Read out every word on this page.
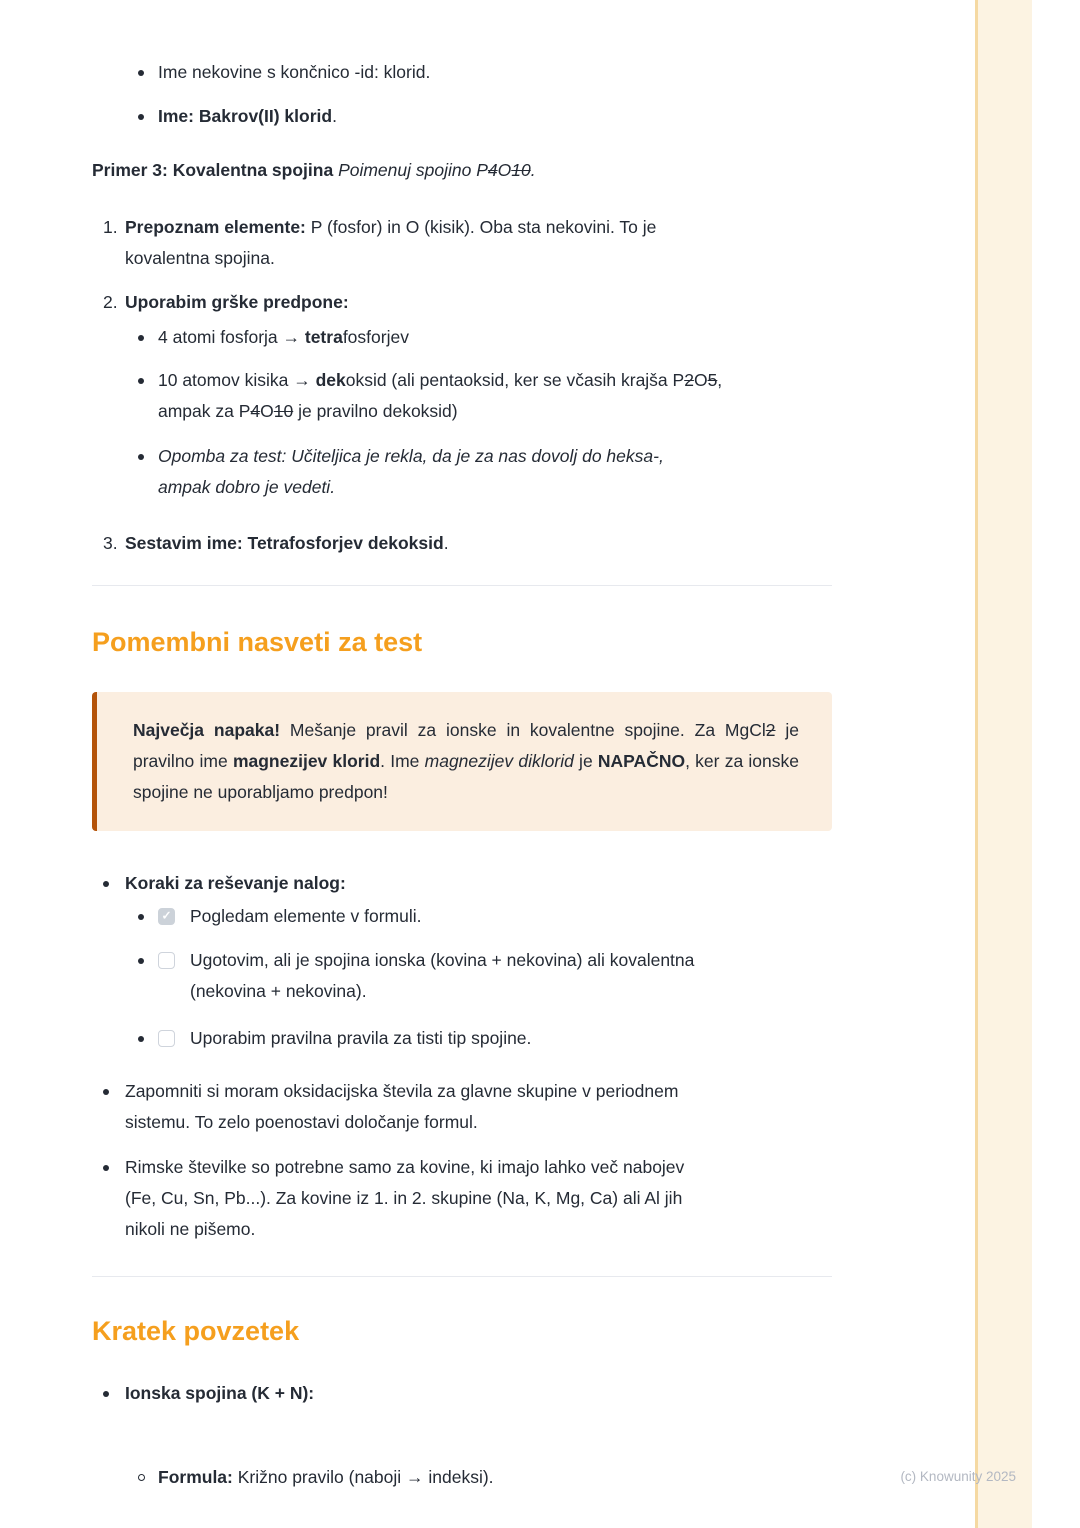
Ime nekovine s končnico -id: klorid.
Ime: Bakrov(II) klorid.

Primer 3: Kovalentna spojina Poimenuj spojino P4O10.

1. Prepoznam elemente: P (fosfor) in O (kisik). Oba sta nekovini. To je
kovalentna spojina.
2. Uporabim grške predpone:
4 atomi fosforja → tetrafosforjev
10 atomov kisika → dekoksid (ali pentaoksid, ker se včasih krajša P2O5,
ampak za P4O10 je pravilno dekoksid)
Opomba za test: Učiteljica je rekla, da je za nas dovolj do heksa-,
ampak dobro je vedeti.
3. Sestavim ime: Tetrafosforjev dekoksid.
Pomembni nasveti za test
Največja napaka! Mešanje pravil za ionske in kovalentne spojine. Za MgCl2 je pravilno ime magnezijev klorid. Ime magnezijev diklorid je NAPAČNO, ker za ionske spojine ne uporabljamo predpon!
Koraki za reševanje nalog:
✓
Pogledam elemente v formuli.
Ugotovim, ali je spojina ionska (kovina + nekovina) ali kovalentna
(nekovina + nekovina).
Uporabim pravilna pravila za tisti tip spojine.
Zapomniti si moram oksidacijska števila za glavne skupine v periodnem
sistemu. To zelo poenostavi določanje formul.
Rimske številke so potrebne samo za kovine, ki imajo lahko več nabojev
(Fe, Cu, Sn, Pb...). Za kovine iz 1. in 2. skupine (Na, K, Mg, Ca) ali Al jih
nikoli ne pišemo.
Kratek povzetek
Ionska spojina (K + N):
Formula: Križno pravilo (naboji → indeksi).	(c) Knowunity 2025
